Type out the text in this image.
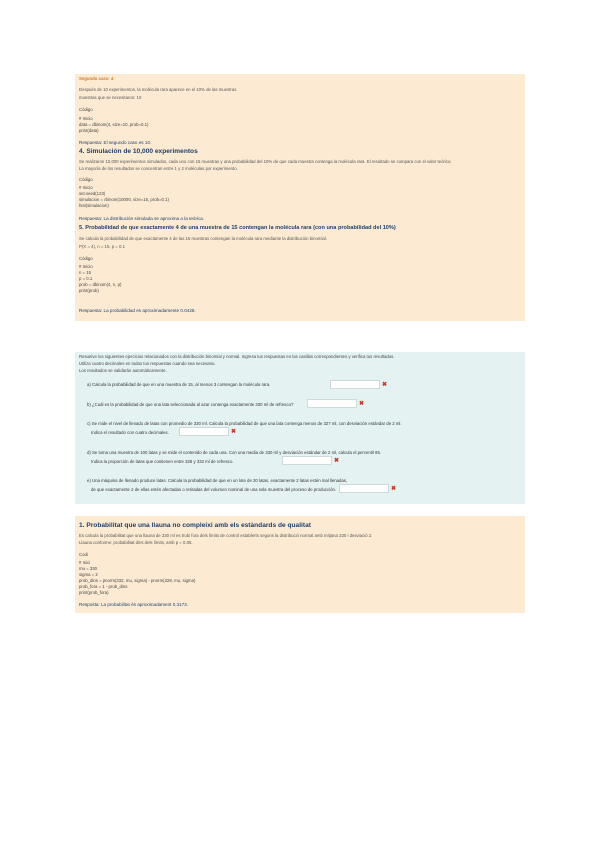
Segundo caso: 4
Después de 10 experimentos, la molécula rara aparece en el 10% de las muestras
muestras que se necesitaron: 10
Código
# Inicio
data = dbinom(4, size=10, prob=0.1)
print(data)
Respuesta: El segundo caso es 10.
4. Simulación de 10,000 experimentos
Se realizaron 10,000 experimentos simulados, cada uno con 15 muestras y una probabilidad del 10% de que cada muestra contenga la molécula rara. El resultado se compara con el valor teórico.
La mayoría de los resultados se concentran entre 1 y 2 moléculas por experimento.
Código
# Inicio
set.seed(123)
simulacion = rbinom(10000, size=15, prob=0.1)
hist(simulacion)
Respuesta: La distribución simulada se aproxima a la teórica.
5. Probabilidad de que exactamente 4 de una muestra de 15 contengan la molécula rara (con una probabilidad del 10%)
Se calcula la probabilidad de que exactamente 4 de las 15 muestras contengan la molécula rara mediante la distribución binomial.
P(X = 4), n = 15, p = 0.1
Código
# Inicio
n = 15
p = 0.1
prob = dbinom(4, n, p)
print(prob)
Respuesta: La probabilidad es aproximadamente 0.0428.
Resuelve los siguientes ejercicios relacionados con la distribución binomial y normal. Ingresa tus respuestas en las casillas correspondientes y verifica tus resultados.
Utiliza cuatro decimales en todas tus respuestas cuando sea necesario.
Los resultados se validarán automáticamente.
a) Calcula la probabilidad de que en una muestra de 15, al menos 3 contengan la molécula rara.	✖
b) ¿Cuál es la probabilidad de que una lata seleccionada al azar contenga exactamente 330 ml de refresco?	✖
c) Se mide el nivel de llenado de latas con promedio de 330 ml. Calcula la probabilidad de que una lata contenga menos de 327 ml, con desviación estándar de 2 ml.
Indica el resultado con cuatro decimales.	✖
d) Se toma una muestra de 100 latas y se mide el contenido de cada una. Con una media de 330 ml y desviación estándar de 2 ml, calcula el percentil 95.
Indica la proporción de latas que contienen entre 328 y 332 ml de refresco.	✖
e) Una máquina de llenado produce latas. Calcula la probabilidad de que en un lote de 20 latas, exactamente 2 latas estén mal llenadas,
de que exactamente 2 de ellas estén afectadas o retiradas del volumen nominal de una sola muestra del proceso de producción.	✖
1. Probabilitat que una llauna no compleixi amb els estàndards de qualitat
Es calcula la probabilitat que una llauna de 330 ml es trobi fora dels límits de control establerts segons la distribució normal amb mitjana 330 i desviació 2.
Llauna conforme: probabilitat dins dels límits, amb p = 0.05.
Codi
# Inici
mu = 330
sigma = 2
prob_dins = pnorm(332, mu, sigma) - pnorm(328, mu, sigma)
prob_fora = 1 - prob_dins
print(prob_fora)
Resposta: La probabilitat és aproximadament 0.3173.
